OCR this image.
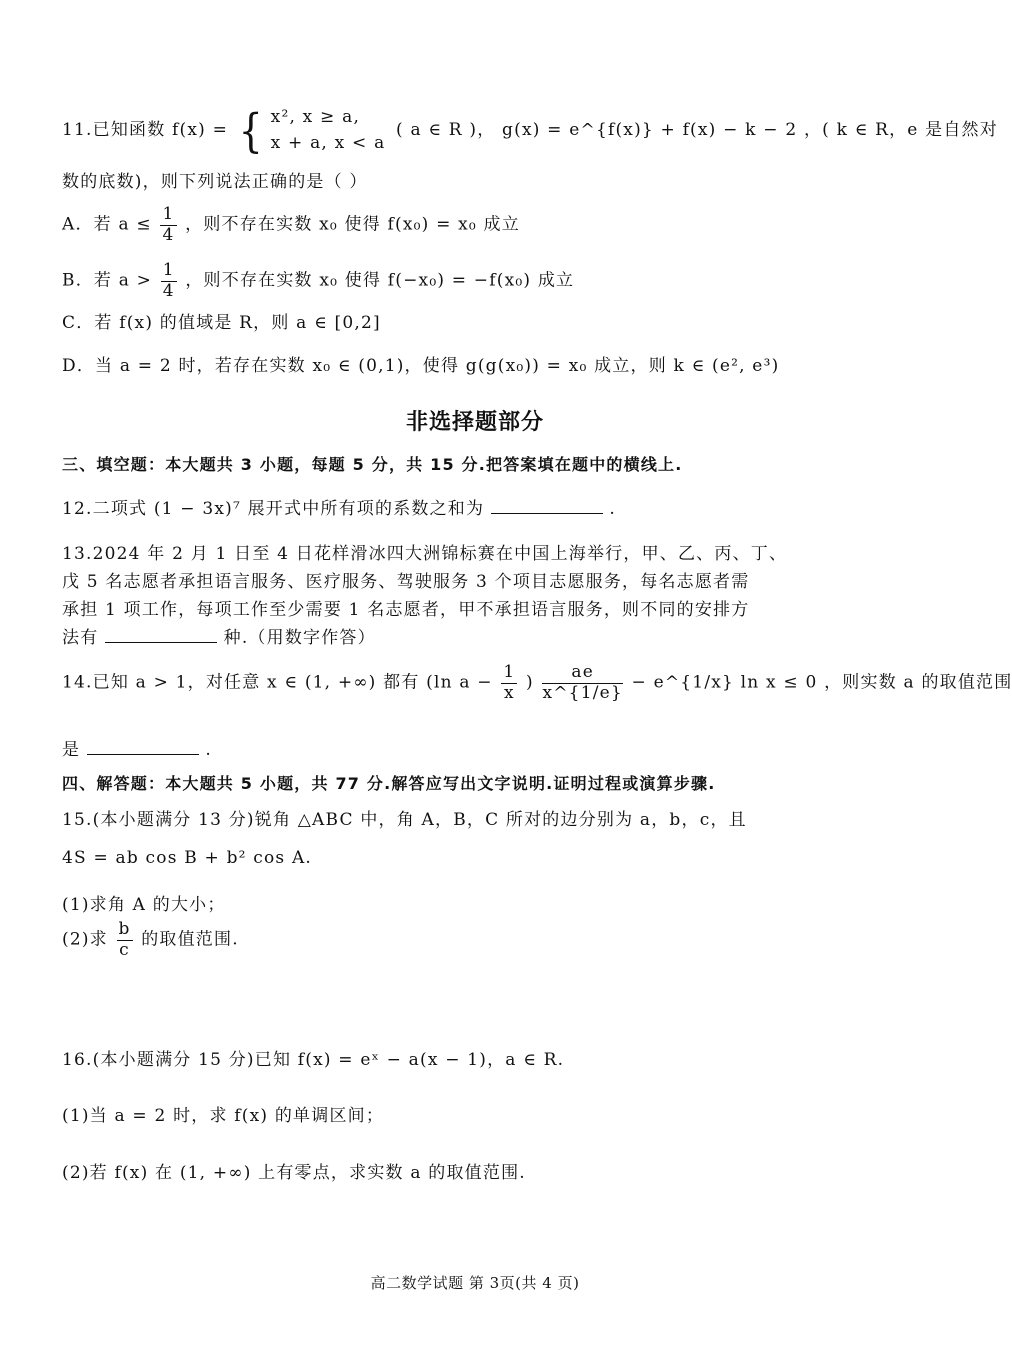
11.已知函数 f(x) = { x², x ≥ a,
x + a, x < a
( a ∈ R )， g(x) = e^{f(x)} + f(x) − k − 2 ，( k ∈ R，e 是自然对
数的底数)，则下列说法正确的是（ ）
A．若 $a \le \frac{1}{4}$ ，则不存在实数 x₀ 使得 f(x₀) = x₀ 成立
B．若 $a > \frac{1}{4}$ ，则不存在实数 x₀ 使得 f(−x₀) = −f(x₀) 成立
C．若 f(x) 的值域是 R，则 a ∈ [0,2]
D．当 a = 2 时，若存在实数 x₀ ∈ (0,1)，使得 g(g(x₀)) = x₀ 成立，则 k ∈ (e², e³)
非选择题部分
三、填空题：本大题共 3 小题，每题 5 分，共 15 分.把答案填在题中的横线上.
12.二项式 (1 − 3x)⁷ 展开式中所有项的系数之和为	.
13.2024 年 2 月 1 日至 4 日花样滑冰四大洲锦标赛在中国上海举行，甲、乙、丙、丁、
戊 5 名志愿者承担语言服务、医疗服务、驾驶服务 3 个项目志愿服务，每名志愿者需
承担 1 项工作，每项工作至少需要 1 名志愿者，甲不承担语言服务，则不同的安排方
法有	种.（用数字作答）
14.已知 a > 1，对任意 x ∈ (1, +∞) 都有 (ln $a - \frac{1}{x}$ ) $\frac{ae}{x\^{}\{1/e\}}$ − e^{1/x} ln x ≤ 0 ，则实数 a 的取值范围
是	.
四、解答题：本大题共 5 小题，共 77 分.解答应写出文字说明.证明过程或演算步骤.
15.(本小题满分 13 分)锐角 △ABC 中，角 A，B，C 所对的边分别为 a，b，c，且
4S = ab cos B + b² cos A.
(1)求角 A 的大小；
(2)求 $\frac{b}{c}$ 的取值范围.
16.(本小题满分 15 分)已知 f(x) = eˣ − a(x − 1)，a ∈ R.
(1)当 a = 2 时，求 f(x) 的单调区间；
(2)若 f(x) 在 (1, +∞) 上有零点，求实数 a 的取值范围.
高二数学试题 第 3页(共 4 页)
